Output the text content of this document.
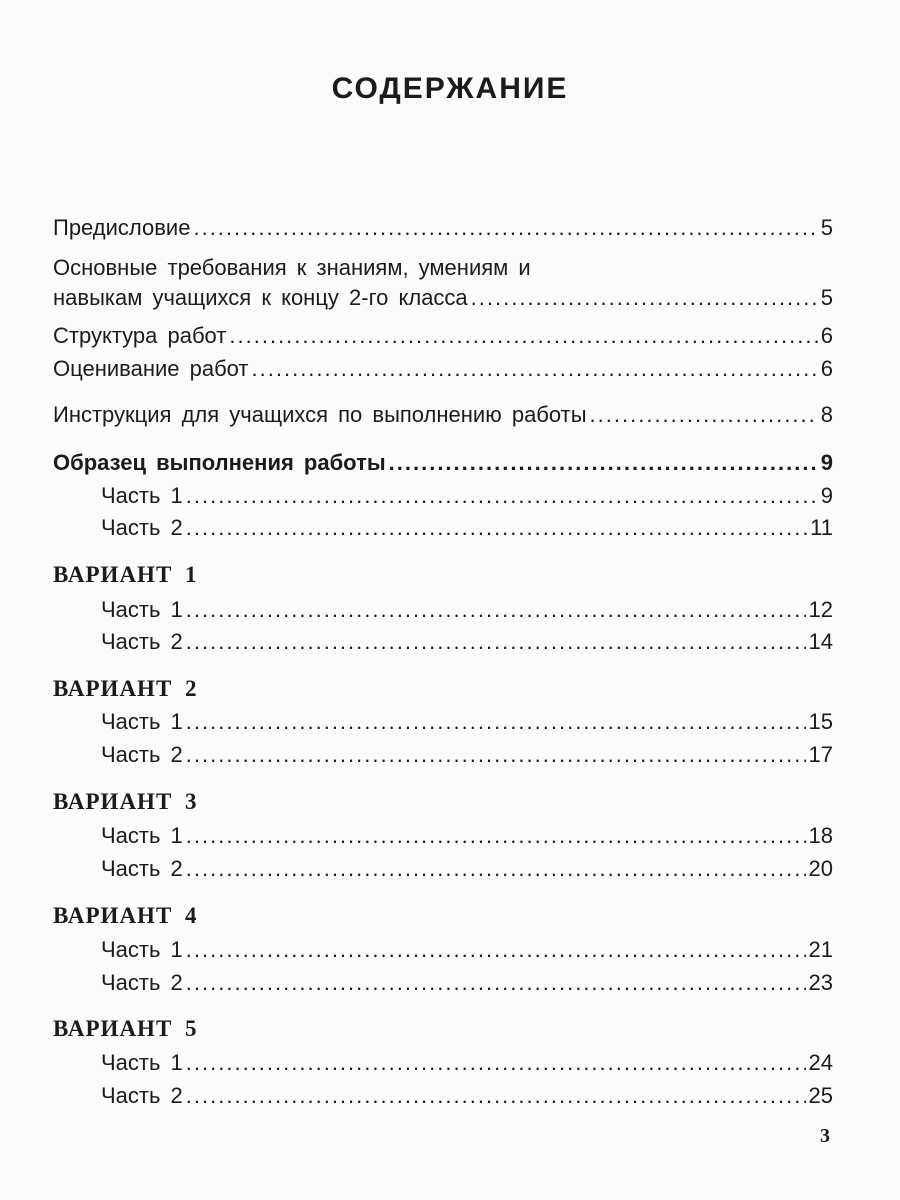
СОДЕРЖАНИЕ
Предисловие .....	5
Основные требования к знаниям, умениям и
навыкам учащихся к концу 2-го класса .....	5
Структура работ .....	6
Оценивание работ .....	6
Инструкция для учащихся по выполнению работы .....	8
Образец выполнения работы .....	9
Часть 1 .....	9
Часть 2 .....	11
ВАРИАНТ 1
Часть 1 .....	12
Часть 2 .....	14
ВАРИАНТ 2
Часть 1 .....	15
Часть 2 .....	17
ВАРИАНТ 3
Часть 1 .....	18
Часть 2 .....	20
ВАРИАНТ 4
Часть 1 .....	21
Часть 2 .....	23
ВАРИАНТ 5
Часть 1 .....	24
Часть 2 .....	25
3
